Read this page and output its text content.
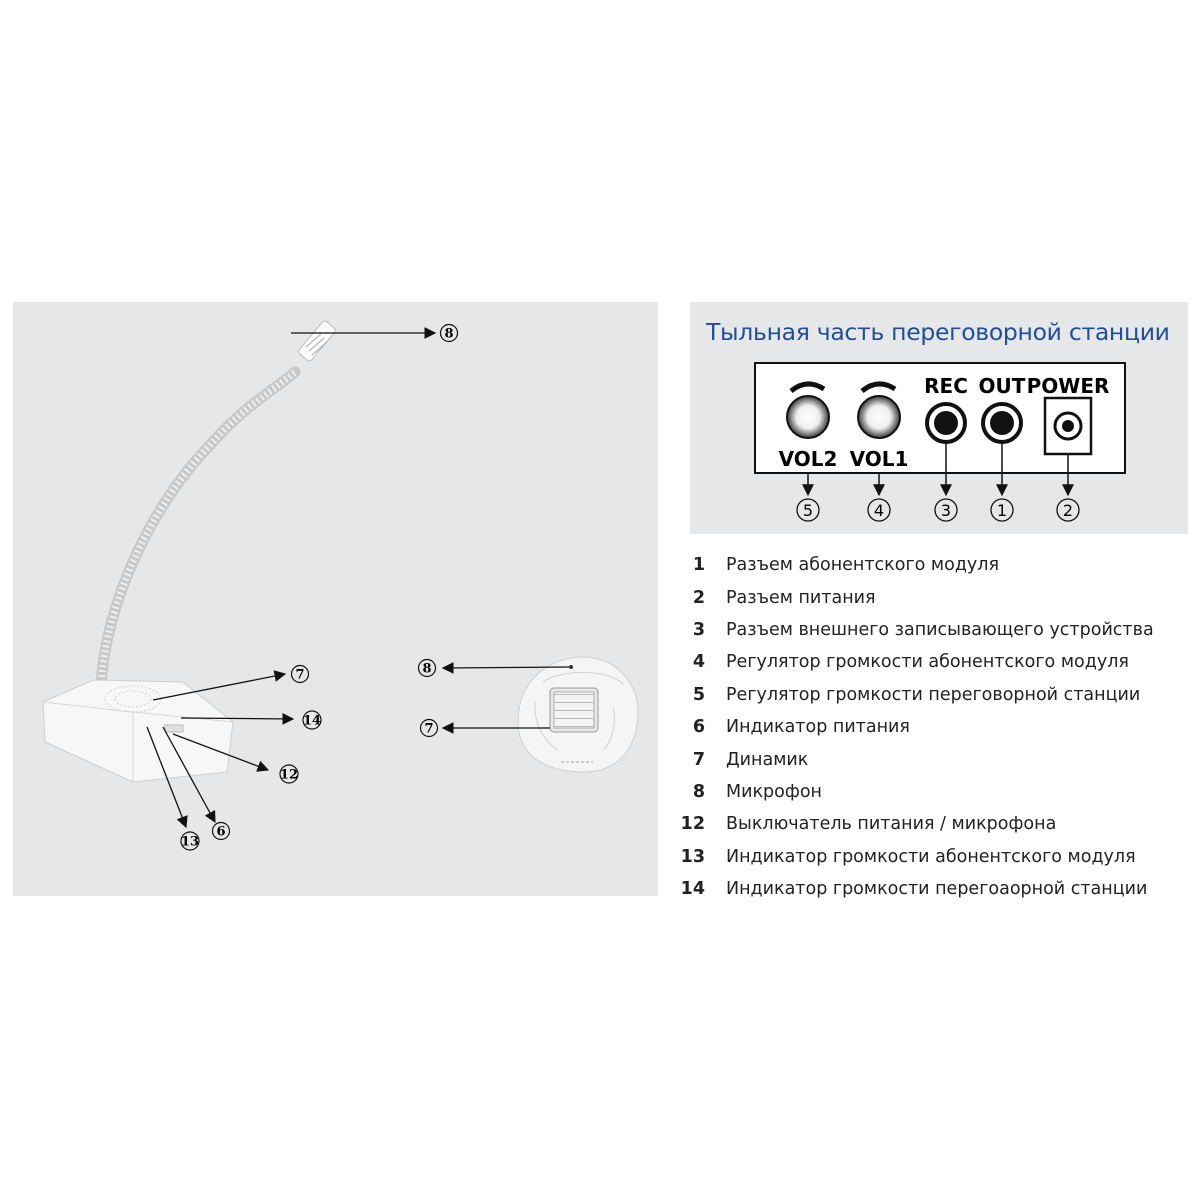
8
7
14
12
13
6
8
7
Тыльная часть переговорной станции
VOL2 VOL1
REC OUT POWER
5	4	3	1	2
1 Разъем абонентского модуля
2 Разъем питания
3 Разъем внешнего записывающего устройства
4 Регулятор громкости абонентского модуля
5 Регулятор громкости переговорной станции
6 Индикатор питания
7 Динамик
8 Микрофон
12 Выключатель питания / микрофона
13 Индикатор громкости абонентского модуля
14 Индикатор громкости перегоаорной станции
